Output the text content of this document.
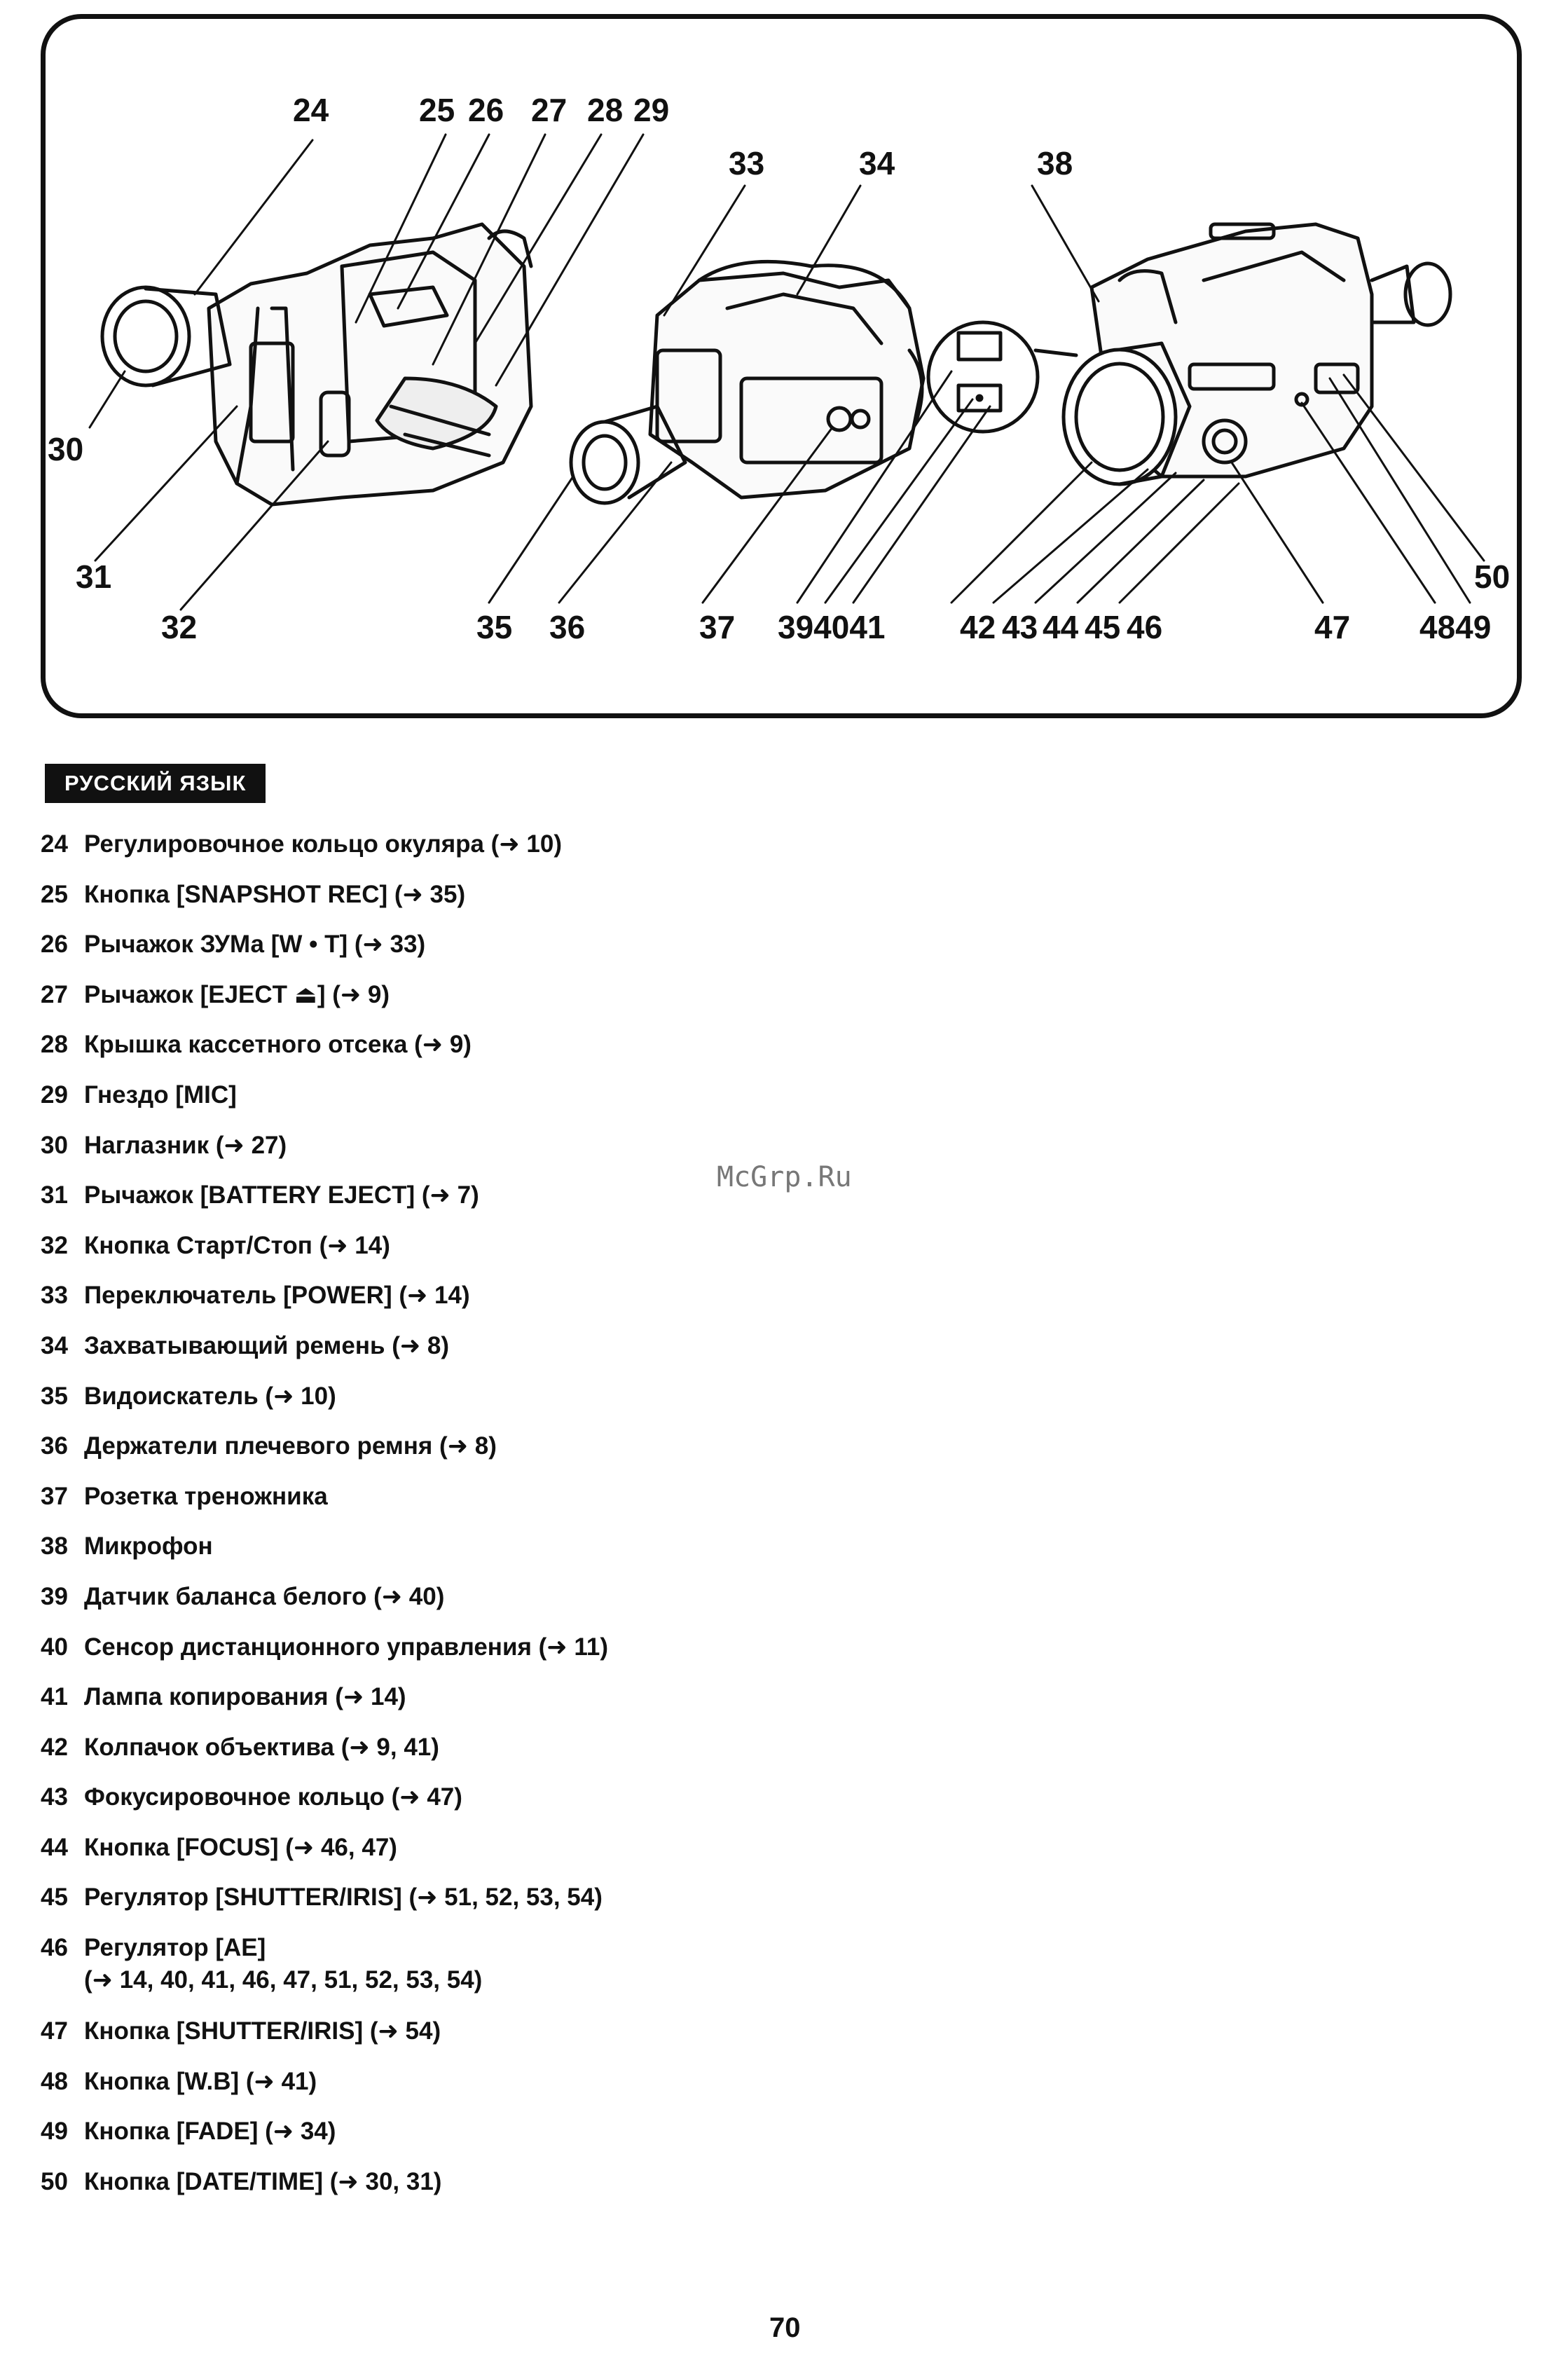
24	25 26 27 28 29
30
31
32
33	34	38
35 36	37 394041 42 43 44 45 46	47 4849
50
РУССКИЙ ЯЗЫК
24 Регулировочное кольцо окуляра (➜ 10)
25 Кнопка [SNAPSHOT REC] (➜ 35)
26 Рычажок ЗУМа [W • T] (➜ 33)
27 Рычажок [EJECT ⏏] (➜ 9)
28 Крышка кассетного отсека (➜ 9)
29 Гнездо [MIC]
30 Наглазник (➜ 27)
31 Рычажок [BATTERY EJECT] (➜ 7)
32 Кнопка Старт/Стоп (➜ 14)
33 Переключатель [POWER] (➜ 14)
34 Захватывающий ремень (➜ 8)
35 Видоискатель (➜ 10)
36 Держатели плечевого ремня (➜ 8)
37 Розетка треножника
38 Микрофон
39 Датчик баланса белого (➜ 40)
40 Сенсор дистанционного управления (➜ 11)
41 Лампа копирования (➜ 14)
42 Колпачок объектива (➜ 9, 41)
43 Фокусировочное кольцо (➜ 47)
44 Кнопка [FOCUS] (➜ 46, 47)
45 Регулятор [SHUTTER/IRIS] (➜ 51, 52, 53, 54)
46 Регулятор [AE]
(➜ 14, 40, 41, 46, 47, 51, 52, 53, 54)
47 Кнопка [SHUTTER/IRIS] (➜ 54)
48 Кнопка [W.B] (➜ 41)
49 Кнопка [FADE] (➜ 34)
50 Кнопка [DATE/TIME] (➜ 30, 31)
McGrp.Ru
70
